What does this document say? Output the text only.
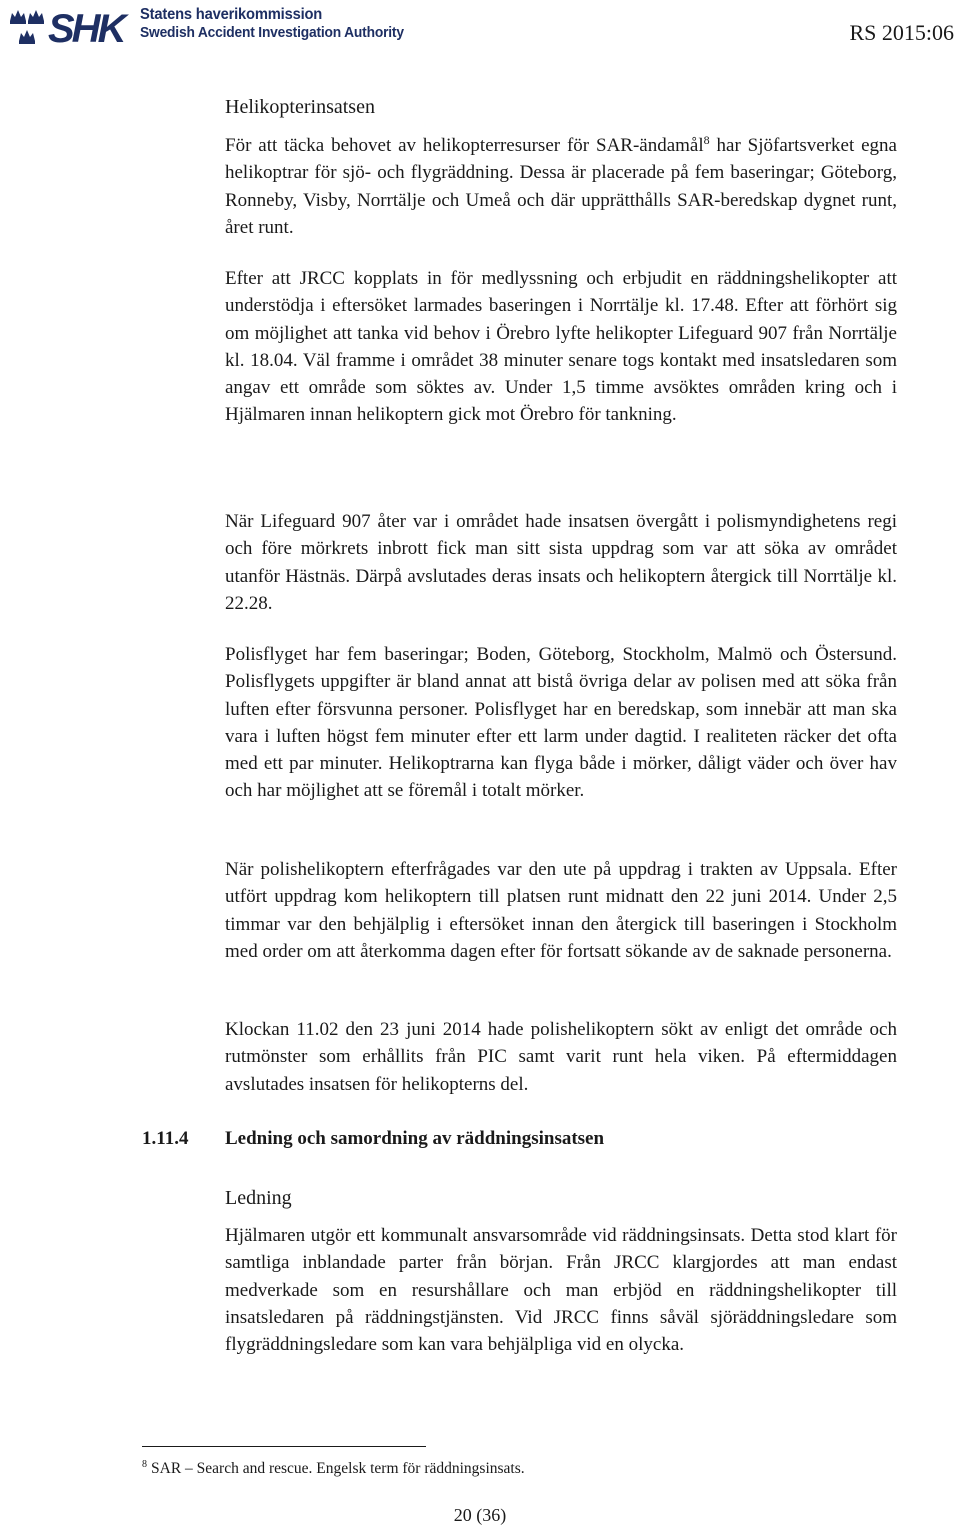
SHK	Statens haverikommission
Swedish Accident Investigation Authority	RS 2015:06

Helikopterinsatsen

För att täcka behovet av helikopterresurser för SAR-ändamål$^8$ har Sjöfartsverket egna helikoptrar för sjö- och flygräddning. Dessa är placerade på fem baseringar; Göteborg, Ronneby, Visby, Norrtälje och Umeå och där upprätthålls SAR-beredskap dygnet runt, året runt.

Efter att JRCC kopplats in för medlyssning och erbjudit en räddningshelikopter att understödja i eftersöket larmades baseringen i Norrtälje kl. 17.48. Efter att förhört sig om möjlighet att tanka vid behov i Örebro lyfte helikopter Lifeguard 907 från Norrtälje kl. 18.04. Väl framme i området 38 minuter senare togs kontakt med insatsledaren som angav ett område som söktes av. Under 1,5 timme avsöktes områden kring och i Hjälmaren innan helikoptern gick mot Örebro för tankning.

När Lifeguard 907 åter var i området hade insatsen övergått i polismyndighetens regi och före mörkrets inbrott fick man sitt sista uppdrag som var att söka av området utanför Hästnäs. Därpå avslutades deras insats och helikoptern återgick till Norrtälje kl. 22.28.

Polisflyget har fem baseringar; Boden, Göteborg, Stockholm, Malmö och Östersund. Polisflygets uppgifter är bland annat att bistå övriga delar av polisen med att söka från luften efter försvunna personer. Polisflyget har en beredskap, som innebär att man ska vara i luften högst fem minuter efter ett larm under dagtid. I realiteten räcker det ofta med ett par minuter. Helikoptrarna kan flyga både i mörker, dåligt väder och över hav och har möjlighet att se föremål i totalt mörker.

När polishelikoptern efterfrågades var den ute på uppdrag i trakten av Uppsala. Efter utfört uppdrag kom helikoptern till platsen runt midnatt den 22 juni 2014. Under 2,5 timmar var den behjälplig i eftersöket innan den återgick till baseringen i Stockholm med order om att återkomma dagen efter för fortsatt sökande av de saknade personerna.

Klockan 11.02 den 23 juni 2014 hade polishelikoptern sökt av enligt det område och rutmönster som erhållits från PIC samt varit runt hela viken. På eftermiddagen avslutades insatsen för helikopterns del.

1.11.4 Ledning och samordning av räddningsinsatsen

Ledning

Hjälmaren utgör ett kommunalt ansvarsområde vid räddningsinsats. Detta stod klart för samtliga inblandade parter från början. Från JRCC klargjordes att man endast medverkade som en resurshållare och man erbjöd en räddningshelikopter till insatsledaren på räddningstjänsten. Vid JRCC finns såväl sjöräddningsledare som flygräddningsledare som kan vara behjälpliga vid en olycka.

$^8$ SAR – Search and rescue. Engelsk term för räddningsinsats.
20 (36)
